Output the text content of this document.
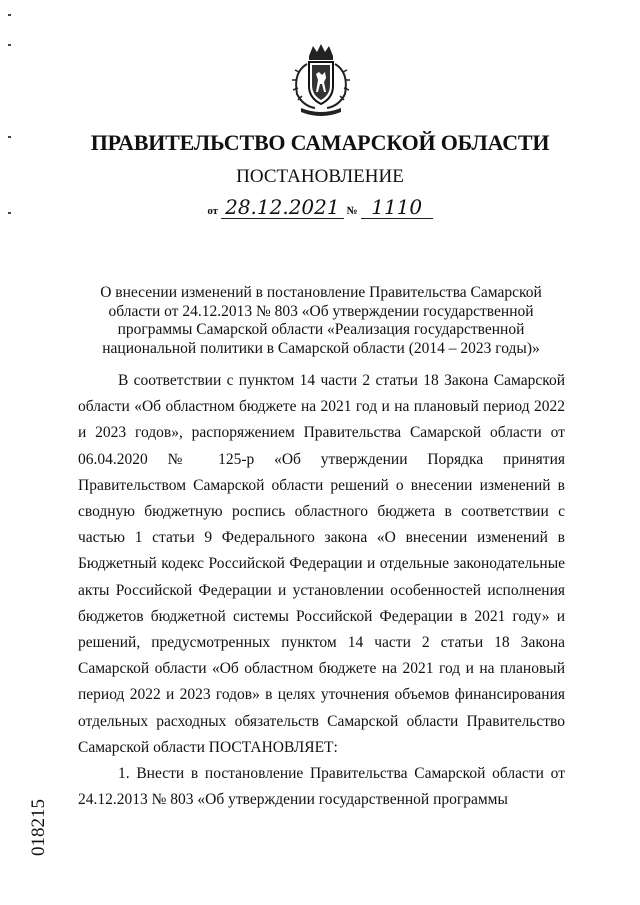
ПРАВИТЕЛЬСТВО САМАРСКОЙ ОБЛАСТИ
ПОСТАНОВЛЕНИЕ
от 28.12.2021 № 1110
О внесении изменений в постановление Правительства Самарской области от 24.12.2013 № 803 «Об утверждении государственной программы Самарской области «Реализация государственной национальной политики в Самарской области (2014 – 2023 годы)»

В соответствии с пунктом 14 части 2 статьи 18 Закона Самарской области «Об областном бюджете на 2021 год и на плановый период 2022 и 2023 годов», распоряжением Правительства Самарской области от 06.04.2020 № 125-р «Об утверждении Порядка принятия Правительством Самарской области решений о внесении изменений в сводную бюджетную роспись областного бюджета в соответствии с частью 1 статьи 9 Федерального закона «О внесении изменений в Бюджетный кодекс Российской Федерации и отдельные законодательные акты Российской Федерации и установлении особенностей исполнения бюджетов бюджетной системы Российской Федерации в 2021 году» и решений, предусмотренных пунктом 14 части 2 статьи 18 Закона Самарской области «Об областном бюджете на 2021 год и на плановый период 2022 и 2023 годов» в целях уточнения объемов финансирования отдельных расходных обязательств Самарской области Правительство Самарской области ПОСТАНОВЛЯЕТ:

1. Внести в постановление Правительства Самарской области от 24.12.2013 № 803 «Об утверждении государственной программы

018215
